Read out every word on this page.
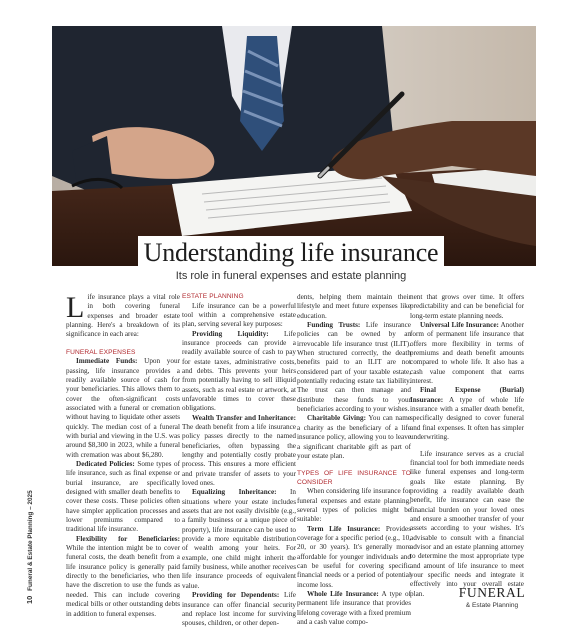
Understanding life insurance
Its role in funeral expenses and estate planning
10 Funeral & Estate Planning – 2025

Life insurance plays a vital role in both covering funeral expenses and broader estate planning. Here's a breakdown of its significance in each area:

FUNERAL EXPENSES

Immediate Funds: Upon your passing, life insurance provides a readily available source of cash for your beneficiaries. This allows them to cover the often-significant costs associated with a funeral or cremation without having to liquidate other assets quickly. The median cost of a funeral with burial and viewing in the U.S. was around $8,300 in 2023, while a funeral with cremation was about $6,280.

Dedicated Policies: Some types of life insurance, such as final expense or burial insurance, are specifically designed with smaller death benefits to cover these costs. These policies often have simpler application processes and lower premiums compared to traditional life insurance.

Flexibility for Beneficiaries: While the intention might be to cover funeral costs, the death benefit from a life insurance policy is generally paid directly to the beneficiaries, who then have the discretion to use the funds as needed. This can include covering medical bills or other outstanding debts in addition to funeral expenses.

ESTATE PLANNING

Life insurance can be a powerful tool within a comprehensive estate plan, serving several key purposes:

Providing Liquidity: Life insurance proceeds can provide a readily available source of cash to pay for estate taxes, administrative costs, and debts. This prevents your heirs from potentially having to sell illiquid assets, such as real estate or artwork, at unfavorable times to cover these obligations.

Wealth Transfer and Inheritance: The death benefit from a life insurance policy passes directly to the named beneficiaries, often bypassing the lengthy and potentially costly probate process. This ensures a more efficient and private transfer of assets to your loved ones.

Equalizing Inheritance: In situations where your estate includes assets that are not easily divisible (e.g., a family business or a unique piece of property), life insurance can be used to provide a more equitable distribution of wealth among your heirs. For example, one child might inherit the family business, while another receives life insurance proceeds of equivalent value.

Providing for Dependents: Life insurance can offer financial security and replace lost income for surviving spouses, children, or other depen-

dents, helping them maintain their lifestyle and meet future expenses like education.

Funding Trusts: Life insurance policies can be owned by an irrevocable life insurance trust (ILIT). When structured correctly, the death benefits paid to an ILIT are not considered part of your taxable estate, potentially reducing estate tax liability. The trust can then manage and distribute these funds to your beneficiaries according to your wishes.

Charitable Giving: You can name a charity as the beneficiary of a life insurance policy, allowing you to leave a significant charitable gift as part of your estate plan.

TYPES OF LIFE INSURANCE TO CONSIDER

When considering life insurance for funeral expenses and estate planning, several types of policies might be suitable:

Term Life Insurance: Provides coverage for a specific period (e.g., 10, 20, or 30 years). It's generally more affordable for younger individuals and can be useful for covering specific financial needs or a period of potential income loss.

Whole Life Insurance: A type of permanent life insurance that provides lifelong coverage with a fixed premium and a cash value compo-

nent that grows over time. It offers predictability and can be beneficial for long-term estate planning needs.

Universal Life Insurance: Another form of permanent life insurance that offers more flexibility in terms of premiums and death benefit amounts compared to whole life. It also has a cash value component that earns interest.

Final Expense (Burial) Insurance: A type of whole life insurance with a smaller death benefit, specifically designed to cover funeral and final expenses. It often has simpler underwriting.

Life insurance serves as a crucial financial tool for both immediate needs like funeral expenses and long-term goals like estate planning. By providing a readily available death benefit, life insurance can ease the financial burden on your loved ones and ensure a smoother transfer of your assets according to your wishes. It's advisable to consult with a financial advisor and an estate planning attorney to determine the most appropriate type and amount of life insurance to meet your specific needs and integrate it effectively into your overall estate plan.	FUNERAL
& Estate Planning
